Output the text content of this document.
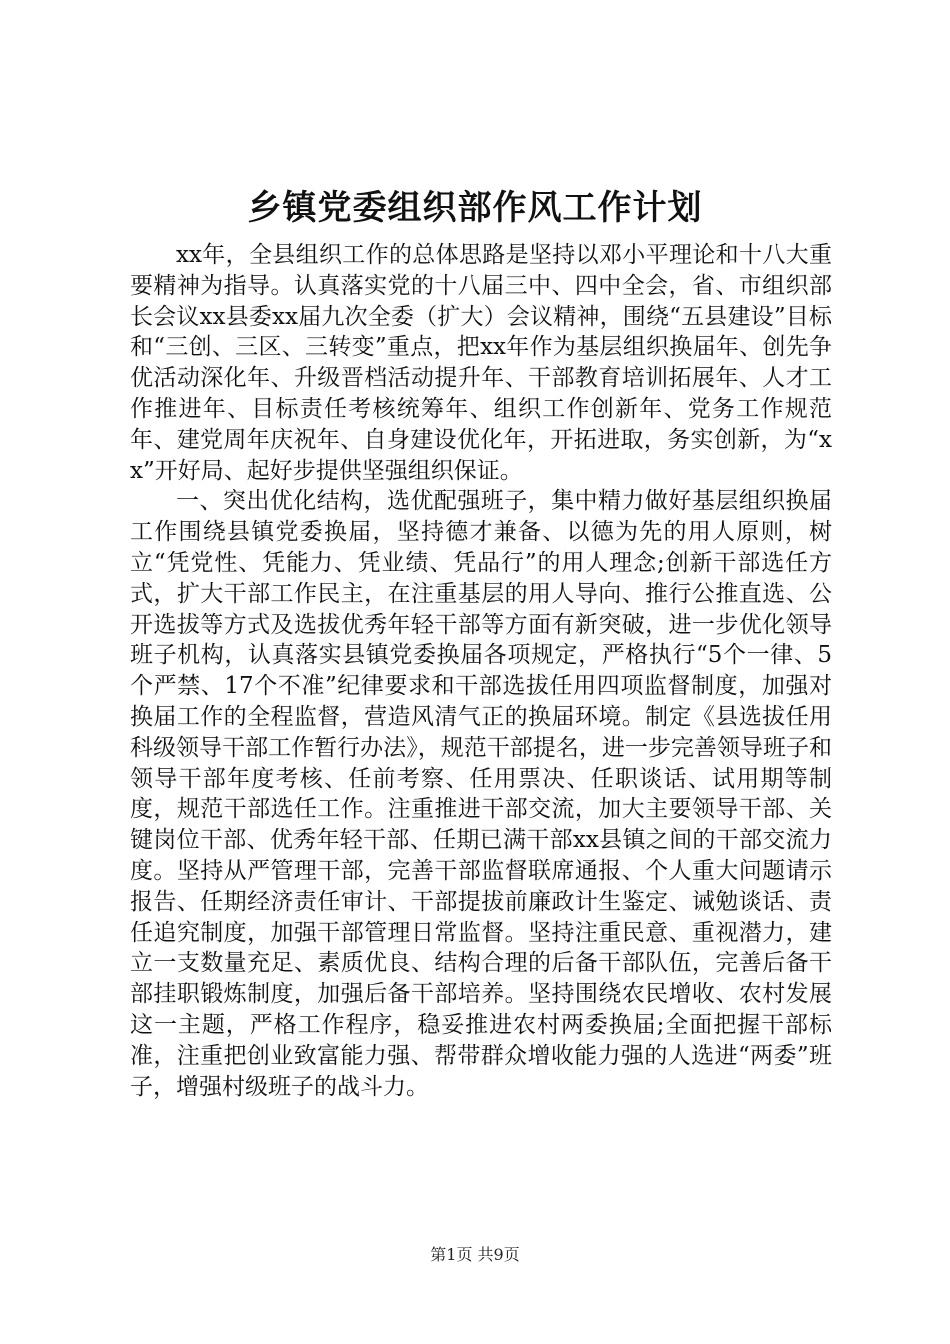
乡镇党委组织部作风工作计划

xx年，全县组织工作的总体思路是坚持以邓小平理论和十八大重要精神为指导。认真落实党的十八届三中、四中全会，省、市组织部长会议xx县委xx届九次全委（扩大）会议精神，围绕“五县建设”目标和“三创、三区、三转变”重点，把xx年作为基层组织换届年、创先争优活动深化年、升级晋档活动提升年、干部教育培训拓展年、人才工作推进年、目标责任考核统筹年、组织工作创新年、党务工作规范年、建党周年庆祝年、自身建设优化年，开拓进取，务实创新，为“xx”开好局、起好步提供坚强组织保证。

一、突出优化结构，选优配强班子，集中精力做好基层组织换届工作围绕县镇党委换届，坚持德才兼备、以德为先的用人原则，树立“凭党性、凭能力、凭业绩、凭品行”的用人理念;创新干部选任方式，扩大干部工作民主，在注重基层的用人导向、推行公推直选、公开选拔等方式及选拔优秀年轻干部等方面有新突破，进一步优化领导班子机构，认真落实县镇党委换届各项规定，严格执行“5个一律、5个严禁、17个不准”纪律要求和干部选拔任用四项监督制度，加强对换届工作的全程监督，营造风清气正的换届环境。制定《县选拔任用科级领导干部工作暂行办法》，规范干部提名，进一步完善领导班子和领导干部年度考核、任前考察、任用票决、任职谈话、试用期等制度，规范干部选任工作。注重推进干部交流，加大主要领导干部、关键岗位干部、优秀年轻干部、任期已满干部xx县镇之间的干部交流力度。坚持从严管理干部，完善干部监督联席通报、个人重大问题请示报告、任期经济责任审计、干部提拔前廉政计生鉴定、诫勉谈话、责任追究制度，加强干部管理日常监督。坚持注重民意、重视潜力，建立一支数量充足、素质优良、结构合理的后备干部队伍，完善后备干部挂职锻炼制度，加强后备干部培养。坚持围绕农民增收、农村发展这一主题，严格工作程序，稳妥推进农村两委换届;全面把握干部标准，注重把创业致富能力强、帮带群众增收能力强的人选进“两委”班子，增强村级班子的战斗力。

第1页 共9页
